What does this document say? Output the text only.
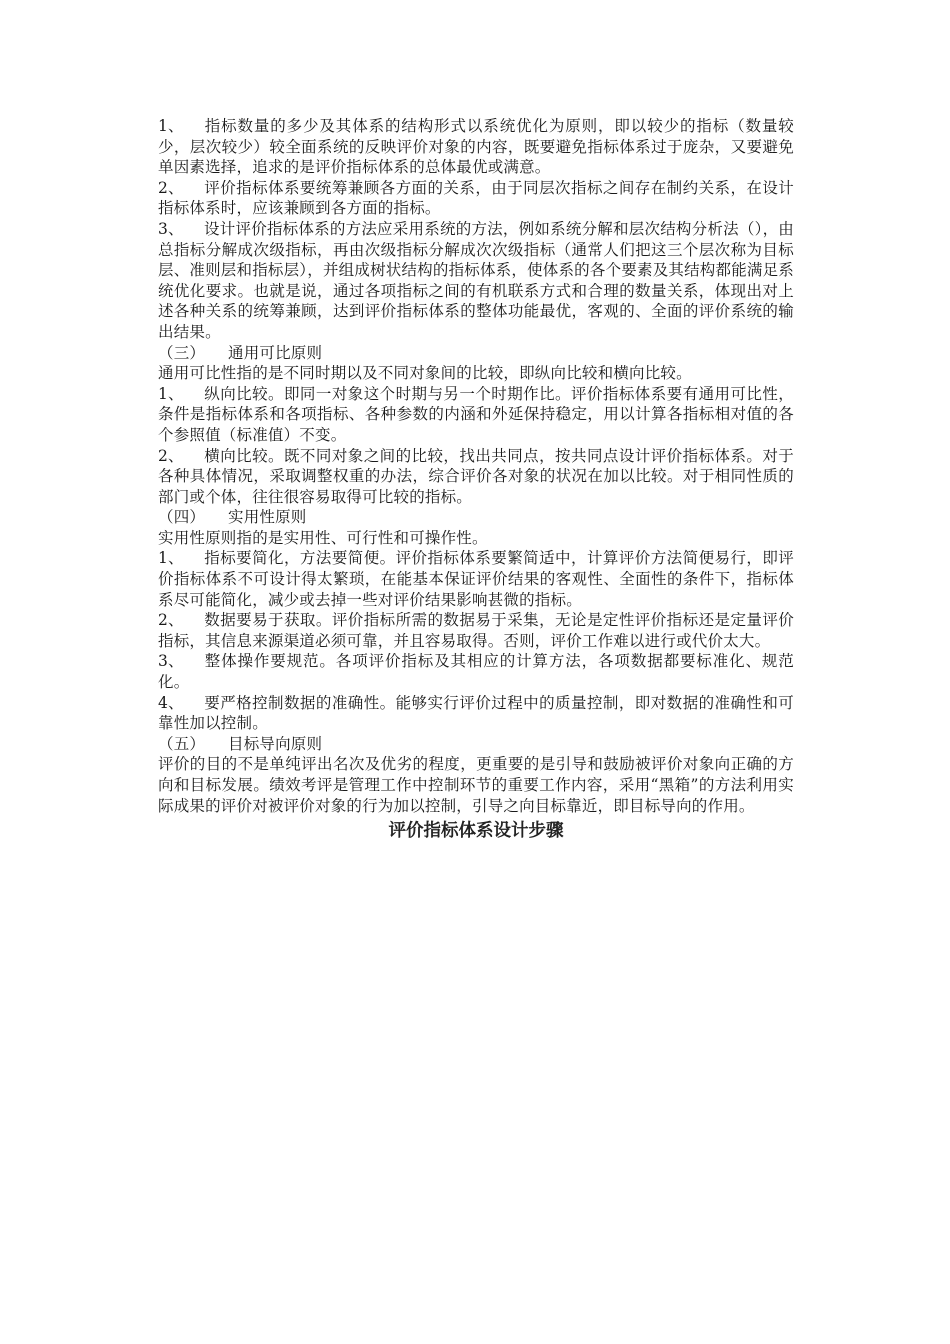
1、 指标数量的多少及其体系的结构形式以系统优化为原则，即以较少的指标（数量较少，层次较少）较全面系统的反映评价对象的内容，既要避免指标体系过于庞杂，又要避免单因素选择，追求的是评价指标体系的总体最优或满意。

2、 评价指标体系要统筹兼顾各方面的关系，由于同层次指标之间存在制约关系，在设计指标体系时，应该兼顾到各方面的指标。

3、 设计评价指标体系的方法应采用系统的方法，例如系统分解和层次结构分析法（），由总指标分解成次级指标，再由次级指标分解成次次级指标（通常人们把这三个层次称为目标层、准则层和指标层），并组成树状结构的指标体系，使体系的各个要素及其结构都能满足系统优化要求。也就是说，通过各项指标之间的有机联系方式和合理的数量关系，体现出对上述各种关系的统筹兼顾，达到评价指标体系的整体功能最优，客观的、全面的评价系统的输出结果。

（三） 通用可比原则

通用可比性指的是不同时期以及不同对象间的比较，即纵向比较和横向比较。

1、 纵向比较。即同一对象这个时期与另一个时期作比。评价指标体系要有通用可比性，条件是指标体系和各项指标、各种参数的内涵和外延保持稳定，用以计算各指标相对值的各个参照值（标准值）不变。

2、 横向比较。既不同对象之间的比较，找出共同点，按共同点设计评价指标体系。对于各种具体情况，采取调整权重的办法，综合评价各对象的状况在加以比较。对于相同性质的部门或个体，往往很容易取得可比较的指标。

（四） 实用性原则

实用性原则指的是实用性、可行性和可操作性。

1、 指标要简化，方法要简便。评价指标体系要繁简适中，计算评价方法简便易行，即评价指标体系不可设计得太繁琐，在能基本保证评价结果的客观性、全面性的条件下，指标体系尽可能简化，减少或去掉一些对评价结果影响甚微的指标。

2、 数据要易于获取。评价指标所需的数据易于采集，无论是定性评价指标还是定量评价指标，其信息来源渠道必须可靠，并且容易取得。否则，评价工作难以进行或代价太大。

3、 整体操作要规范。各项评价指标及其相应的计算方法，各项数据都要标准化、规范化。

4、 要严格控制数据的准确性。能够实行评价过程中的质量控制，即对数据的准确性和可靠性加以控制。

（五） 目标导向原则

评价的目的不是单纯评出名次及优劣的程度，更重要的是引导和鼓励被评价对象向正确的方向和目标发展。绩效考评是管理工作中控制环节的重要工作内容，采用“黑箱”的方法利用实际成果的评价对被评价对象的行为加以控制，引导之向目标靠近，即目标导向的作用。

评价指标体系设计步骤
